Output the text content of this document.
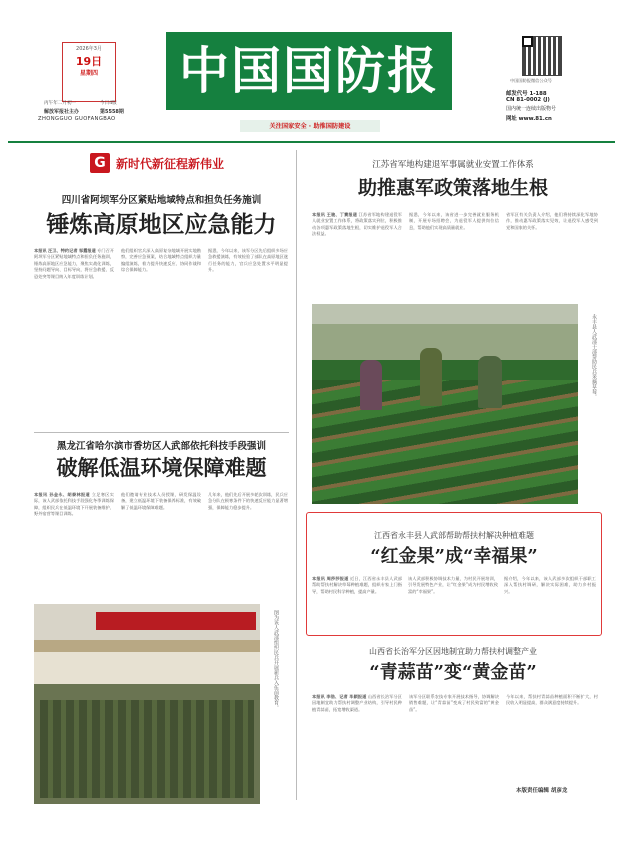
2026年3月
19日
星期四
丙午年二月初一	今日4版
解放军报社主办	第5558期
ZHONGGUO GUOFANGBAO
中国国防报
关注国家安全 · 助推国防建设
中国国防报微信公众号
邮发代号 1-188
CN 81-0002 (J)
国内统一连续出版物号
网址 www.81.cn
G 新时代新征程新伟业
四川省阿坝军分区紧贴地域特点和担负任务施训
锤炼高原地区应急能力
本报讯 汪卫、特约记者 邹露报道 专门召开阿坝军分区紧贴地域特点和担负任务施训，锤炼高原地区应急能力，聚焦实战化训练，坚持问题导向、目标导向，将应急救援、反恐处突等课目纳入年度训练计划。
他们组织官兵深入高原复杂地域开展实地勘察，完善应急预案，结合地域特点组织力量编组演练，着力提升快速反应、协同作战和综合保障能力。
据悉，今年以来，该军分区先后组织多场应急救援演练，有效检验了部队在高原地区遂行任务的能力，官兵应急处置水平明显提升。
黑龙江省哈尔滨市香坊区人武部依托科技手段强训
破解低温环境保障难题
本报讯 孙金永、胡泰林报道 立足寒区实际，该人武部依托科技手段强化冬季训练保障，组织民兵在低温环境下开展装备维护、野外宿营等课目训练。
他们邀请专业技术人员授课，研发保温设备，建立低温环境下装备保养标准，有效破解了低温环境保障难题。
几年来，他们先后开展多轮次训练，民兵应急分队在极寒条件下的快速反应能力显著增强，保障能力稳步提升。
图为该人武部组织民兵开展新兵入伍前教育。
江苏省军地构建退军事属就业安置工作体系
助推惠军政策落地生根
本报讯 王骏、丁赛报道 江苏省军地构建退役军人就业安置工作体系，将政策落实到位，积极推动各项惠军政策落地生根，切实维护退役军人合法权益。
据悉，今年以来，该省进一步完善就业服务机制，开展专场招聘会，为退役军人提供岗位信息，帮助他们实现高质量就业。
省军区有关负责人介绍，他们将持续深化军地协作，推动惠军政策落实见效，让退役军人感受到党和国家的关怀。
永丰县人武部干部帮助民兵采摘草莓。
江西省永丰县人武部帮助帮扶村解决种植难题
“红金果”成“幸福果”
本报讯 周莎莎报道 近日，江西省永丰县人武部帮助帮扶村解决草莓种植难题，组织专家上门指导，帮助村民科学种植，提高产量。
该人武部积极协调技术力量，为村民开展培训，引导发展特色产业，让“红金果”成为村民增收致富的“幸福果”。
据介绍，今年以来，该人武部多次组织干部职工深入帮扶村调研，解决实际困难，助力乡村振兴。
山西省长治军分区因地制宜助力帮扶村调整产业
“青蒜苗”变“黄金苗”
本报讯 李浩、记者 毕颖报道 山西省长治军分区因地制宜助力帮扶村调整产业结构，引导村民种植青蒜苗，拓宽增收渠道。
该军分区联系农技专家开展技术指导，协调解决销售难题，让“青蒜苗”变成了村民致富的“黄金苗”。
今年以来，帮扶村青蒜苗种植面积不断扩大，村民收入明显提高，群众满意度持续提升。
本版责任编辑 胡彦龙
